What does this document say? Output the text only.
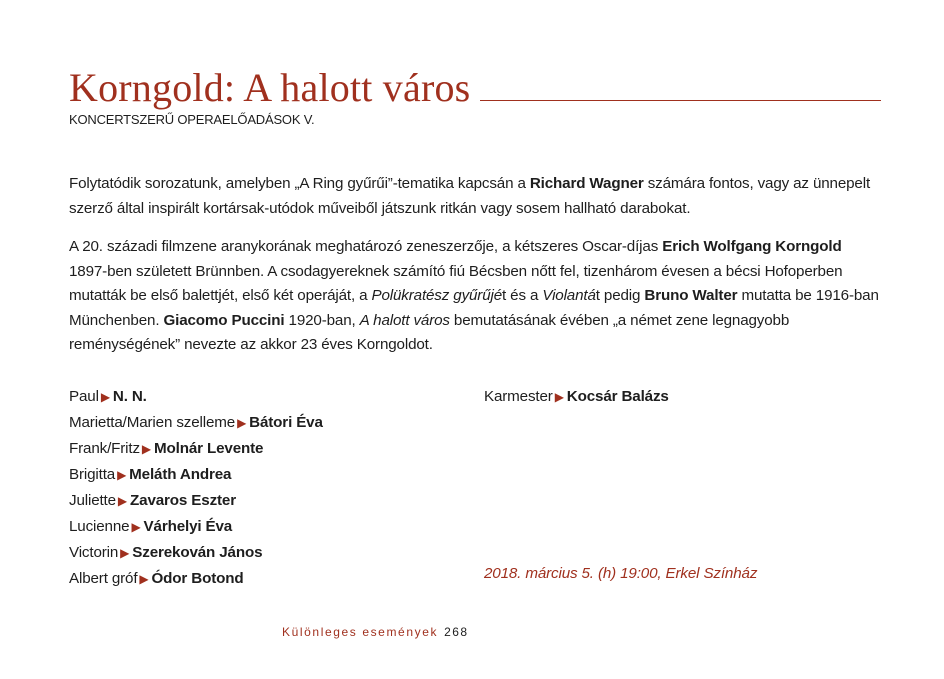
Korngold: A halott város
KONCERTSZERŰ OPERAELŐADÁSOK V.

Folytatódik sorozatunk, amelyben „A Ring gyűrűi”-tematika kapcsán a Richard Wagner számára fontos, vagy az ünnepelt szerző által inspirált kortársak-utódok műveiből játszunk ritkán vagy sosem hallható darabokat.

A 20. századi filmzene aranykorának meghatározó zeneszerzője, a kétszeres Oscar-díjas Erich Wolfgang Korngold 1897-ben született Brünnben. A csodagyereknek számító fiú Bécsben nőtt fel, tizenhárom évesen a bécsi Hofoperben mutatták be első balettjét, első két operáját, a Polükratész gyűrűjét és a Violantát pedig Bruno Walter mutatta be 1916-ban Münchenben. Giacomo Puccini 1920-ban, A halott város bemutatásának évében „a német zene legnagyobb reménységének” nevezte az akkor 23 éves Korngoldot.

Paul ▶ N. N.
Marietta/Marien szelleme ▶ Bátori Éva
Frank/Fritz ▶ Molnár Levente
Brigitta ▶ Meláth Andrea
Juliette ▶ Zavaros Eszter
Lucienne ▶ Várhelyi Éva
Victorin ▶ Szerekován János
Albert gróf ▶ Ódor Botond
Karmester ▶ Kocsár Balázs
2018. március 5. (h) 19:00, Erkel Színház
Különleges események 268
